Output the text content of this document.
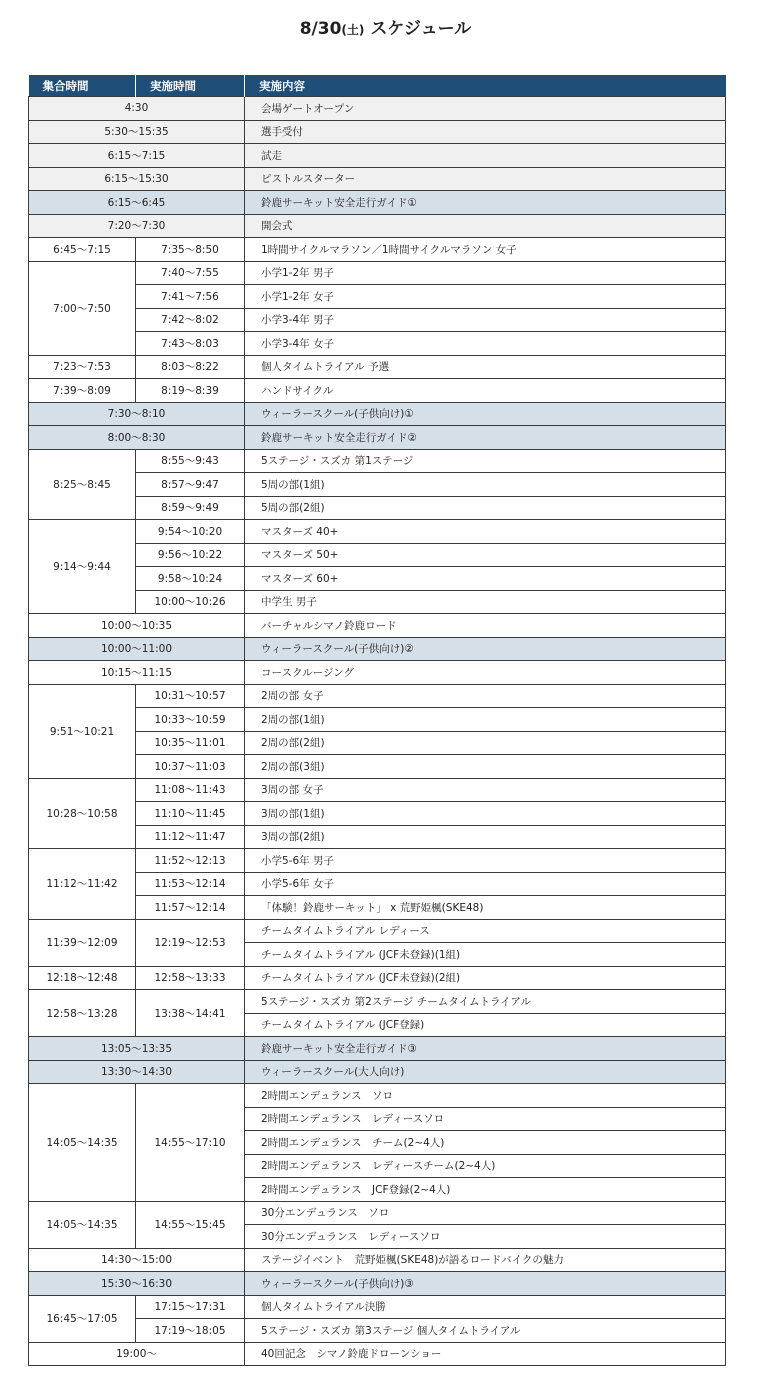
8/30(土) スケジュール
集合時間	実施時間	実施内容
4:30		会場ゲートオープン
5:30〜15:35		選手受付
6:15〜7:15		試走
6:15〜15:30		ピストルスターター
6:15〜6:45		鈴鹿サーキット安全走行ガイド①
7:20〜7:30		開会式
6:45〜7:15	7:35〜8:50	1時間サイクルマラソン／1時間サイクルマラソン 女子
7:00〜7:50	7:40〜7:55	小学1-2年 男子
	7:41〜7:56	小学1-2年 女子
	7:42〜8:02	小学3-4年 男子
	7:43〜8:03	小学3-4年 女子
7:23〜7:53	8:03〜8:22	個人タイムトライアル 予選
7:39〜8:09	8:19〜8:39	ハンドサイクル
7:30〜8:10		ウィーラースクール(子供向け)①
8:00〜8:30		鈴鹿サーキット安全走行ガイド②
8:25〜8:45	8:55〜9:43	5ステージ・スズカ 第1ステージ
	8:57〜9:47	5周の部(1組)
	8:59〜9:49	5周の部(2組)
9:14〜9:44	9:54〜10:20	マスターズ 40+
	9:56〜10:22	マスターズ 50+
	9:58〜10:24	マスターズ 60+
	10:00〜10:26	中学生 男子
10:00〜10:35		バーチャルシマノ鈴鹿ロード
10:00〜11:00		ウィーラースクール(子供向け)②
10:15〜11:15		コースクルージング
9:51〜10:21	10:31〜10:57	2周の部 女子
	10:33〜10:59	2周の部(1組)
	10:35〜11:01	2周の部(2組)
	10:37〜11:03	2周の部(3組)
10:28〜10:58	11:08〜11:43	3周の部 女子
	11:10〜11:45	3周の部(1組)
	11:12〜11:47	3周の部(2組)
11:12〜11:42	11:52〜12:13	小学5-6年 男子
	11:53〜12:14	小学5-6年 女子
	11:57〜12:14	「体験！鈴鹿サーキット」 x 荒野姫楓(SKE48)
11:39〜12:09	12:19〜12:53	チームタイムトライアル レディース
		チームタイムトライアル (JCF未登録)(1組)
12:18〜12:48	12:58〜13:33	チームタイムトライアル (JCF未登録)(2組)
12:58〜13:28	13:38〜14:41	5ステージ・スズカ 第2ステージ チームタイムトライアル
		チームタイムトライアル (JCF登録)
13:05〜13:35		鈴鹿サーキット安全走行ガイド③
13:30〜14:30		ウィーラースクール(大人向け)
14:05〜14:35	14:55〜17:10	2時間エンデュランス　ソロ
		2時間エンデュランス　レディースソロ
		2時間エンデュランス　チーム(2~4人)
		2時間エンデュランス　レディースチーム(2~4人)
		2時間エンデュランス　JCF登録(2~4人)
14:05〜14:35	14:55〜15:45	30分エンデュランス　ソロ
		30分エンデュランス　レディースソロ
14:30〜15:00		ステージイベント　荒野姫楓(SKE48)が語るロードバイクの魅力
15:30〜16:30		ウィーラースクール(子供向け)③
16:45〜17:05	17:15〜17:31	個人タイムトライアル決勝
	17:19〜18:05	5ステージ・スズカ 第3ステージ 個人タイムトライアル
19:00〜		40回記念　シマノ鈴鹿ドローンショー
